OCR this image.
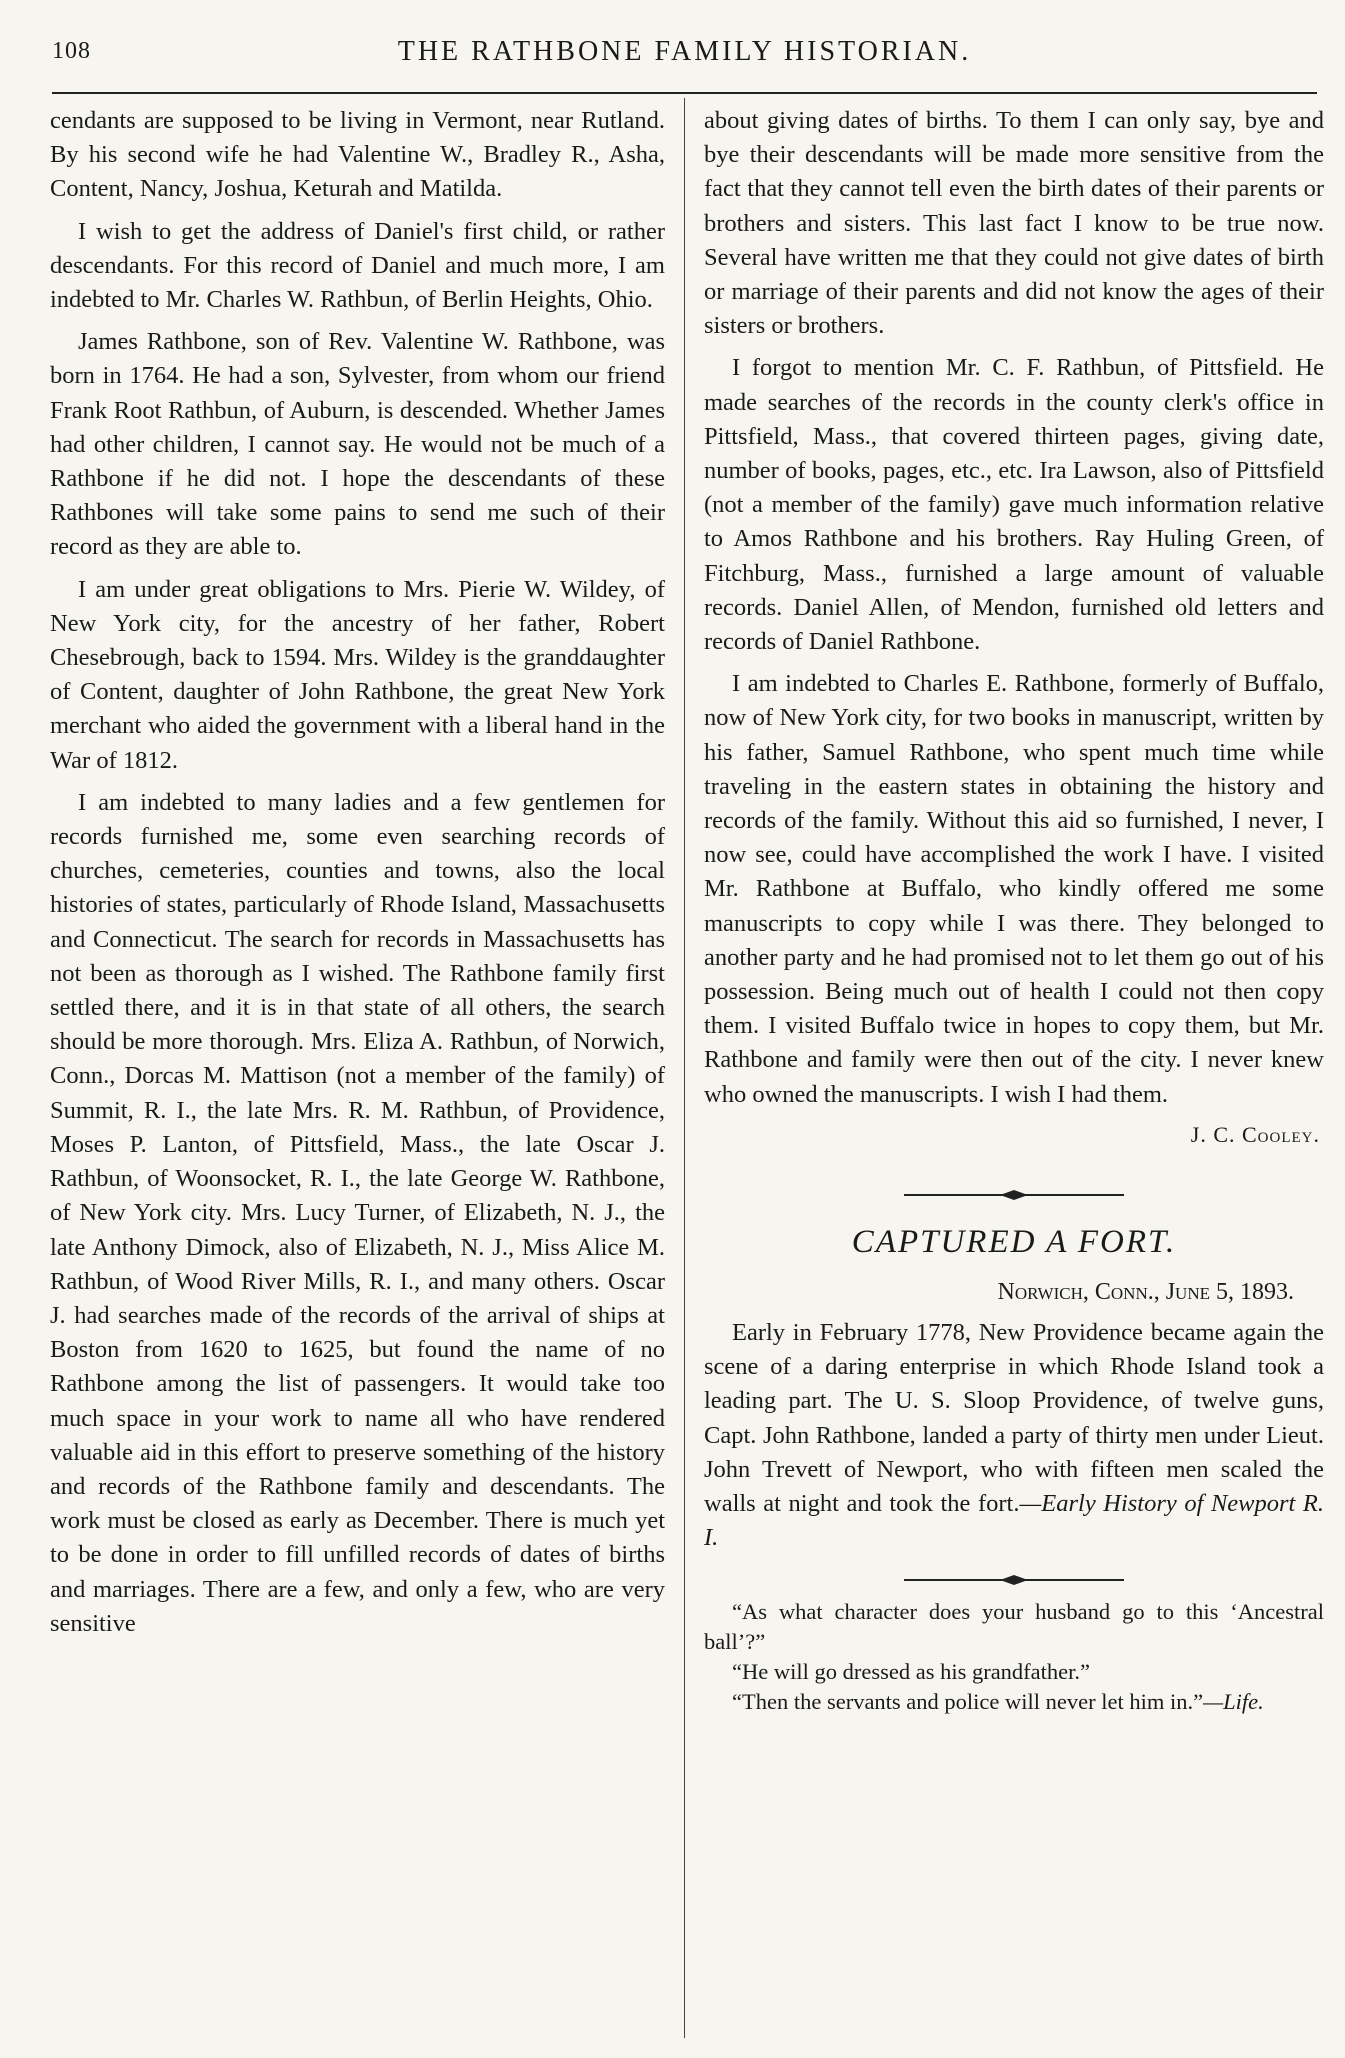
108	THE RATHBONE FAMILY HISTORIAN.

cendants are supposed to be living in Vermont, near Rutland. By his second wife he had Valentine W., Bradley R., Asha, Content, Nancy, Joshua, Keturah and Matilda.

I wish to get the address of Daniel's first child, or rather descendants. For this record of Daniel and much more, I am indebted to Mr. Charles W. Rathbun, of Berlin Heights, Ohio.

James Rathbone, son of Rev. Valentine W. Rathbone, was born in 1764. He had a son, Sylvester, from whom our friend Frank Root Rathbun, of Auburn, is descended. Whether James had other children, I cannot say. He would not be much of a Rathbone if he did not. I hope the descendants of these Rathbones will take some pains to send me such of their record as they are able to.

I am under great obligations to Mrs. Pierie W. Wildey, of New York city, for the ancestry of her father, Robert Chesebrough, back to 1594. Mrs. Wildey is the granddaughter of Content, daughter of John Rathbone, the great New York merchant who aided the government with a liberal hand in the War of 1812.

I am indebted to many ladies and a few gentlemen for records furnished me, some even searching records of churches, cemeteries, counties and towns, also the local histories of states, particularly of Rhode Island, Massachusetts and Connecticut. The search for records in Massachusetts has not been as thorough as I wished. The Rathbone family first settled there, and it is in that state of all others, the search should be more thorough. Mrs. Eliza A. Rathbun, of Norwich, Conn., Dorcas M. Mattison (not a member of the family) of Summit, R. I., the late Mrs. R. M. Rathbun, of Providence, Moses P. Lanton, of Pittsfield, Mass., the late Oscar J. Rathbun, of Woonsocket, R. I., the late George W. Rathbone, of New York city. Mrs. Lucy Turner, of Elizabeth, N. J., the late Anthony Dimock, also of Elizabeth, N. J., Miss Alice M. Rathbun, of Wood River Mills, R. I., and many others. Oscar J. had searches made of the records of the arrival of ships at Boston from 1620 to 1625, but found the name of no Rathbone among the list of passengers. It would take too much space in your work to name all who have rendered valuable aid in this effort to preserve something of the history and records of the Rathbone family and descendants. The work must be closed as early as December. There is much yet to be done in order to fill unfilled records of dates of births and marriages. There are a few, and only a few, who are very sensitive

about giving dates of births. To them I can only say, bye and bye their descendants will be made more sensitive from the fact that they cannot tell even the birth dates of their parents or brothers and sisters. This last fact I know to be true now. Several have written me that they could not give dates of birth or marriage of their parents and did not know the ages of their sisters or brothers.

I forgot to mention Mr. C. F. Rathbun, of Pittsfield. He made searches of the records in the county clerk's office in Pittsfield, Mass., that covered thirteen pages, giving date, number of books, pages, etc., etc. Ira Lawson, also of Pittsfield (not a member of the family) gave much information relative to Amos Rathbone and his brothers. Ray Huling Green, of Fitchburg, Mass., furnished a large amount of valuable records. Daniel Allen, of Mendon, furnished old letters and records of Daniel Rathbone.

I am indebted to Charles E. Rathbone, formerly of Buffalo, now of New York city, for two books in manuscript, written by his father, Samuel Rathbone, who spent much time while traveling in the eastern states in obtaining the history and records of the family. Without this aid so furnished, I never, I now see, could have accomplished the work I have. I visited Mr. Rathbone at Buffalo, who kindly offered me some manuscripts to copy while I was there. They belonged to another party and he had promised not to let them go out of his possession. Being much out of health I could not then copy them. I visited Buffalo twice in hopes to copy them, but Mr. Rathbone and family were then out of the city. I never knew who owned the manuscripts. I wish I had them.

J. C. Cooley.
CAPTURED A FORT.
Norwich, Conn., June 5, 1893.

Early in February 1778, New Providence became again the scene of a daring enterprise in which Rhode Island took a leading part. The U. S. Sloop Providence, of twelve guns, Capt. John Rathbone, landed a party of thirty men under Lieut. John Trevett of Newport, who with fifteen men scaled the walls at night and took the fort.—Early History of Newport R. I.

“As what character does your husband go to this ‘Ancestral ball’?”

“He will go dressed as his grandfather.”

“Then the servants and police will never let him in.”—Life.
